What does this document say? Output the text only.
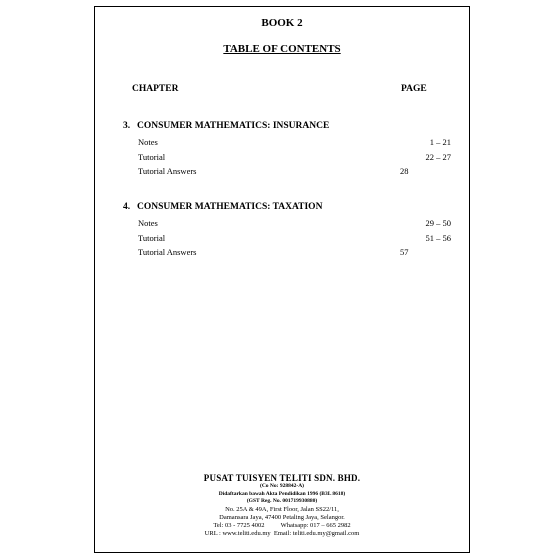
BOOK 2
TABLE OF CONTENTS
CHAPTER	PAGE
3. CONSUMER MATHEMATICS: INSURANCE
Notes	1 – 21
Tutorial	22 – 27
Tutorial Answers	28
4. CONSUMER MATHEMATICS: TAXATION
Notes	29 – 50
Tutorial	51 – 56
Tutorial Answers	57
PUSAT TUISYEN TELITI SDN. BHD.
(Co No: 928842-A)
Didaftarkan bawah Akta Pendidikan 1996 (B3L 8618)
(GST Reg. No. 001719930880)
No. 25A & 49A, First Floor, Jalan SS22/11,
Damansara Jaya, 47400 Petaling Jaya, Selangor.
Tel: 03 - 7725 4002 Whatsapp: 017 – 665 2982
URL : www.teliti.edu.my Email: teliti.edu.my@gmail.com
